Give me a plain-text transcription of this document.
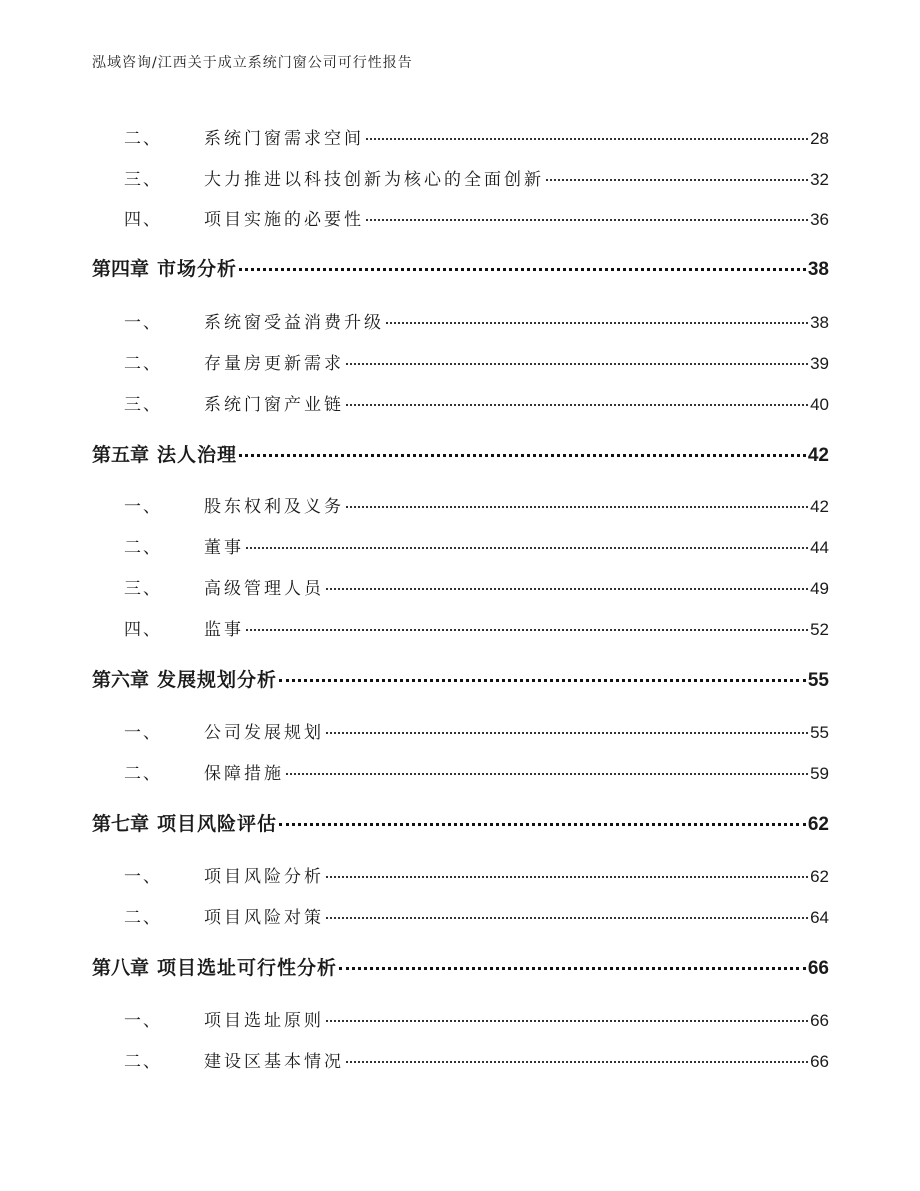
泓域咨询/江西关于成立系统门窗公司可行性报告
二、	系统门窗需求空间	28
三、	大力推进以科技创新为核心的全面创新	32
四、	项目实施的必要性	36
第四章 市场分析	38
一、	系统窗受益消费升级	38
二、	存量房更新需求	39
三、	系统门窗产业链	40
第五章 法人治理	42
一、	股东权利及义务	42
二、	董事	44
三、	高级管理人员	49
四、	监事	52
第六章 发展规划分析	55
一、	公司发展规划	55
二、	保障措施	59
第七章 项目风险评估	62
一、	项目风险分析	62
二、	项目风险对策	64
第八章 项目选址可行性分析	66
一、	项目选址原则	66
二、	建设区基本情况	66
